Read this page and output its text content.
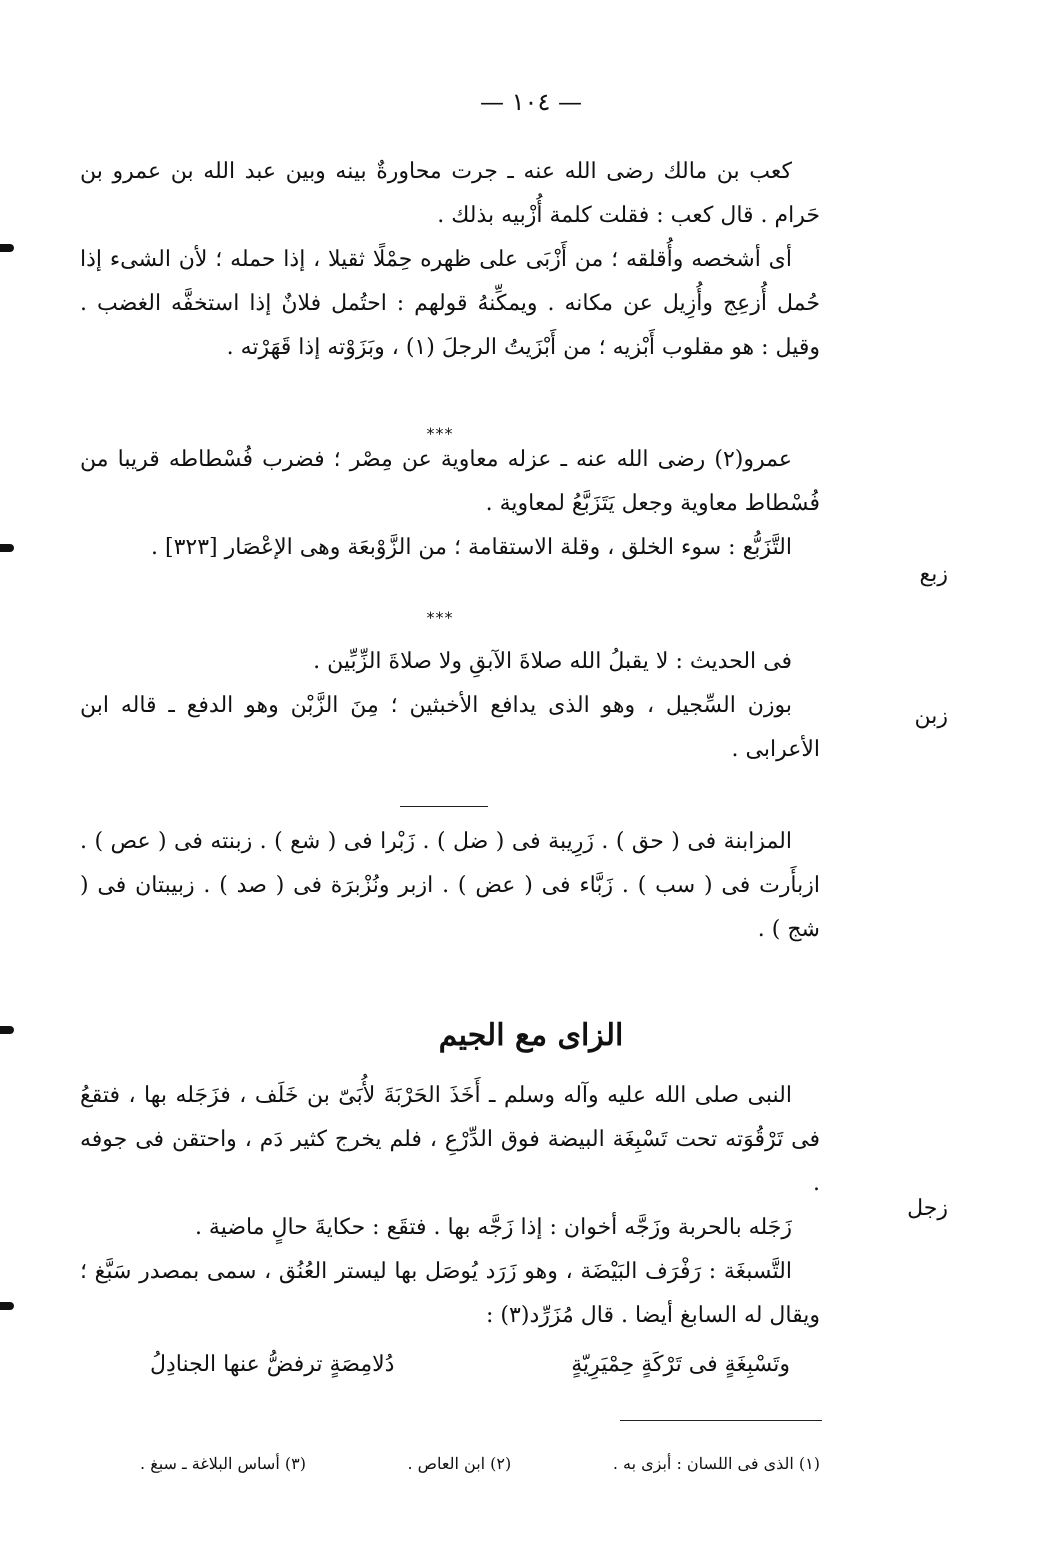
— ١٠٤ —

كعب بن مالك رضى الله عنه ـ جرت محاورةٌ بينه وبين عبد الله بن عمرو بن حَرام . قال كعب : فقلت كلمة أُزْبيه بذلك .

أى أشخصه وأُقلقه ؛ من أَزْبَى على ظهره حِمْلًا ثقيلا ، إذا حمله ؛ لأن الشىء إذا حُمل أُزعِج وأُزِيل عن مكانه . ويمكِّنهُ قولهم : احتُمل فلانٌ إذا استخفَّه الغضب . وقيل : هو مقلوب أَبْزيه ؛ من أَبْزَيتُ الرجلَ (١) ، وبَزَوْته إذا قَهَرْته .

***

عمرو(٢) رضى الله عنه ـ عزله معاوية عن مِصْر ؛ فضرب فُسْطاطه قريبا من فُسْطاط معاوية وجعل يَتَزَبَّعُ لمعاوية .

التَّزَبُّع : سوء الخلق ، وقلة الاستقامة ؛ من الزَّوْبعَة وهى الإعْصَار [٣٢٣] .

زبع
***

فى الحديث : لا يقبلُ الله صلاةَ الآبقِ ولا صلاةَ الزِّبِّين .

بوزن السِّجيل ، وهو الذى يدافع الأخبثين ؛ مِنَ الزَّبْن وهو الدفع ـ قاله ابن الأعرابى .

زبن

المزابنة فى ( حق ) . زَرِيبة فى ( ضل ) . زَبْرا فى ( شع ) . زبنته فى ( عص ) . ازبأَرت فى ( سب ) . زَبَّاء فى ( عض ) . ازبر ونُزْبرَة فى ( صد ) . زبيبتان فى ( شج ) .

الزاى مع الجيم

النبى صلى الله عليه وآله وسلم ـ أَخَذَ الحَرْبَةَ لأُبَىّ بن خَلَف ، فزَجَله بها ، فتقعُ فى تَرْقُوَته تحت تَسْبِغَة البيضة فوق الدِّرْعِ ، فلم يخرج كثير دَم ، واحتقن فى جوفه .

زَجَله بالحربة وزَجَّه أخوان : إذا زَجَّه بها . فتقَع : حكايةَ حالٍ ماضية .

التَّسبغَة : رَفْرَف البَيْضَة ، وهو زَرَد يُوصَل بها ليستر العُنُق ، سمى بمصدر سَبَّغ ؛ ويقال له السابغ أيضا . قال مُزَرِّد(٣) :

زجل
وتَسْبِغَةٍ فى تَرْكَةٍ حِمْيَرِيّةٍ
دُلامِصَةٍ ترفضُّ عنها الجنادِلُ
(١) الذى فى اللسان : أبزى به .
(٢) ابن العاص .
(٣) أساس البلاغة ـ سبغ .
